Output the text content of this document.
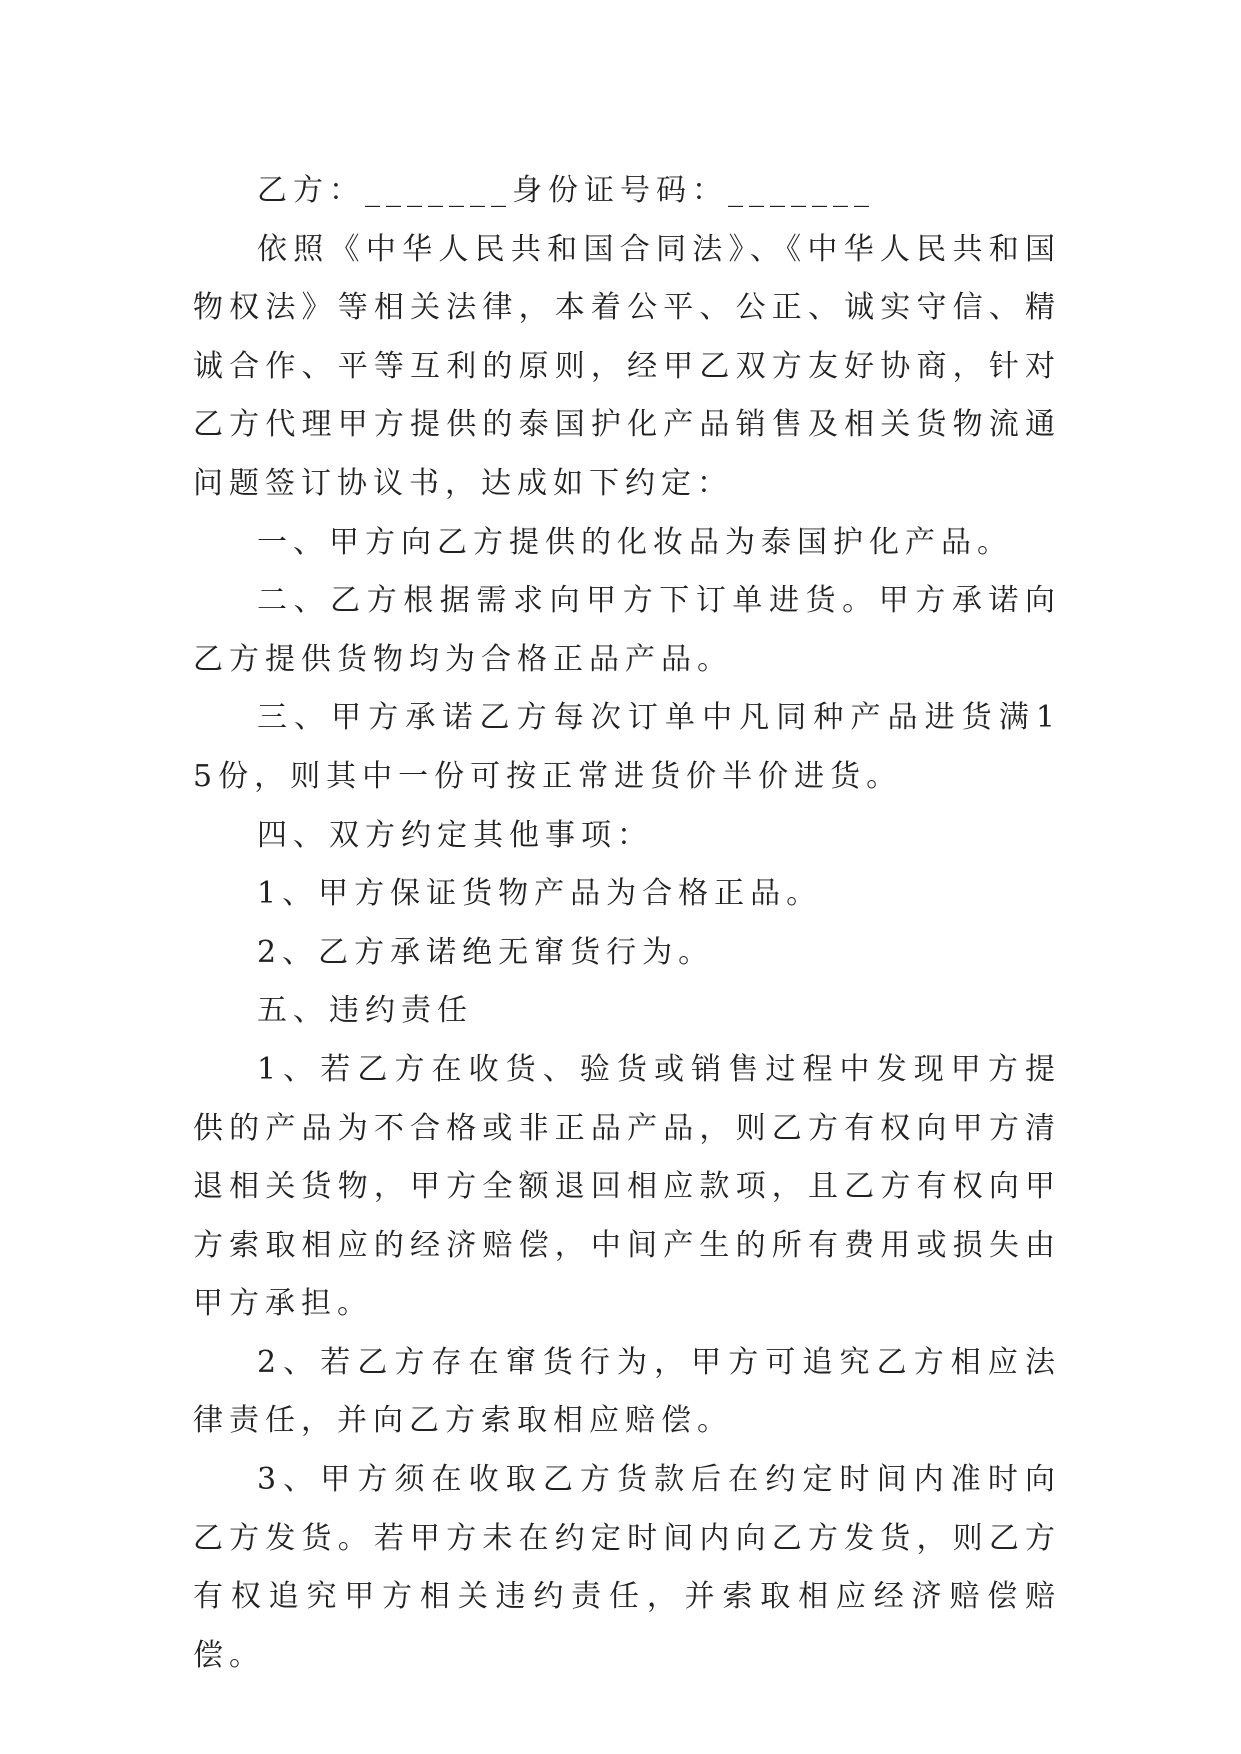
乙方：_______身份证号码：_______

依照《中华人民共和国合同法》、《中华人民共和国物权法》等相关法律，本着公平、公正、诚实守信、精诚合作、平等互利的原则，经甲乙双方友好协商，针对乙方代理甲方提供的泰国护化产品销售及相关货物流通问题签订协议书，达成如下约定：

一、甲方向乙方提供的化妆品为泰国护化产品。

二、乙方根据需求向甲方下订单进货。甲方承诺向乙方提供货物均为合格正品产品。

三、甲方承诺乙方每次订单中凡同种产品进货满15份，则其中一份可按正常进货价半价进货。

四、双方约定其他事项：

1、甲方保证货物产品为合格正品。

2、乙方承诺绝无窜货行为。

五、违约责任

1、若乙方在收货、验货或销售过程中发现甲方提供的产品为不合格或非正品产品，则乙方有权向甲方清退相关货物，甲方全额退回相应款项，且乙方有权向甲方索取相应的经济赔偿，中间产生的所有费用或损失由甲方承担。

2、若乙方存在窜货行为，甲方可追究乙方相应法律责任，并向乙方索取相应赔偿。

3、甲方须在收取乙方货款后在约定时间内准时向乙方发货。若甲方未在约定时间内向乙方发货，则乙方有权追究甲方相关违约责任，并索取相应经济赔偿赔偿。
